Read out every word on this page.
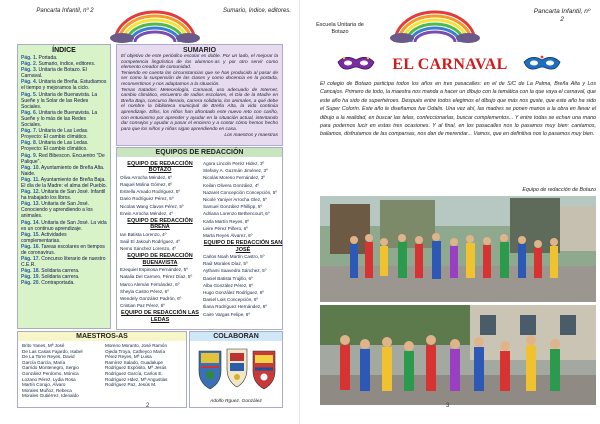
Pancarta Infantil, nº 2	Sumario, índice, editores.
ÍNDICE
Pág. 1. Portada.
Pág. 2. Sumario, índice, editores.
Pág. 3. Unitaria de Botazo. El Carnaval.
Pág. 4. Unitaria de Breña. Estudiamos el tiempo y mejoramos la ciclo.
Pág. 5. Unitaria de Buenavista. La Sueñe y la Solar de las Redes Sociales.
Pág. 6. Unitaria de Buenavista. La Sueñe y lo más de las Redes Sociales.
Pág. 7. Unitaria de Las Ledas. Proyecto: El cambio climático.
Pág. 8. Unitaria de Las Ledas. Proyecto: El cambio climático.
Pág. 9. Red Bibescon. Encuentro "De Palique".
Pág. 10. Ayuntamiento de Breña Alta. Naide.
Pág. 11. Ayuntamiento de Breña Baja. El día de la Madre: el alma del Pueblo.
Pág. 12. Unitaria de San José. Infantil ha trabajado los libros.
Pág. 13. Unitaria de San José. Conociendo y aprendiendo a los animales.
Pág. 14. Unitaria de San José. La vida es un continuo aprendizaje.
Pág. 15. Actividades complementarias.
Pág. 16. Tareas escolares en tiempos de coronavirus.
Pág. 17. Concurso literario de nuestro C.E.R.
Pág. 18. Solidaria carrera.
Pág. 19. Solidaria carrera.
Pág. 20. Contraportada.
SUMARIO

El objetivo de este periódico escolar es doble. Por un lado, el mejorar la competencia lingüística de los alumnos-as y por otro servir como elemento creador de comunidad.

Teniendo en cuenta las circunstancias que se han producido al pasar de ser como la suspensión de las clases y como docencia en la portada, reconvertimos y nos adaptamos a la situación.

Temas tratados: Meteorología, Carnaval, uso adecuado de Internet, cambio climático, encuentro de radios escolares, el Día de la Madre en Breña Baja, concurso literario, carrera solidaria, los animales, a qué debe el nombre la biblioteca municipal de Breña Alta, la vida continúa aprendizaje. Ellos, los niños han afrontado este nuevo reto con cariño, con entusiasmo por aprender y ayudar en la situación actual, intentando dar consejos y ayudar a pasar el encierro y a contar cómo hemos hecho para que los niños y niñas sigan aprendiendo en casa.

Los maestros y maestras
EQUIPOS DE REDACCIÓN
EQUIPO DE REDACCIÓN BOTAZO
Oliva Arrocha Méndez, 6º
Raquel Molina Gómez, 6º
Estrella Amado Rodríguez, 5º
Dario Rodríguez Pérez, 5º
Nicolas Wang Clavos Pérez, 5º
Erwin Arrocha Méndez, 4º
EQUIPO DE REDACCIÓN BREÑA
Ian Batista Lorenzo, 4º
Saúl El Jakouh Rodríguez, 4º
Nemo Sánchez Lorenzo, 4º
EQUIPO DE REDACCIÓN BUENAVISTA
Ezequiel Espinosa Fernández, 5º
Natalia Del Carmen, Pérez Díaz, 5º
Marco Alemán Fernández, 6º
Sheyla Castro Pérez, 6º
Wendely González Padrón, 6º
Cristian Paz Pérez, 6º
EQUIPO DE REDACCIÓN LAS LEDAS
Agora Lincoln Peréz Hidez, 3º
Stefany A. Guzmán Jiménez, 3º
Nicolás Moreno Fernández, 3º
Keilan Olivera González, 4º
Nazaret Concepción Concepción, 5º
Nicolé Yaniyer Arrocha Glez, 5º
Samuel González Phillipp, 5º
Adriana Lorenzo Bethencourt, 6º
Karla Martín Reyes, 6º
Leire Pérez Piñero, 6º
Marta Reyes Álvarez, 6º
EQUIPO DE REDACCIÓN SAN JOSÉ
Carlos Noah Martín Castro, 5º
Raúl Morales Díaz, 5º
Aythami Saavedra Sánchez, 5º
Daniel Batista Trujillo, 6º
Alba González Pérez, 6º
Hugo González Rodríguez, 6º
Daniel Lois Concepción, 6º
Iliana Rodríguez Hernández, 6º
Caire Vargas Felipe, 6º
MAESTROS-AS
Brito Yanes, Mª José
De Las Casas Fajardo, Isabel
De La Torre Reyes, David
García García, María
Garrido Montenegro, Sergio
González Perdomo, Mónica
Lozano Pérez, Lydia Rosa
Martín Corujo, Álvaro
Morales Muñoz, Rebeca
Morales Gutiérrez, Idenaldo
Moreno Moranto, José Ramón
Ojeda Troya, Catheyco María
Pérez Reyes, Mª Luisa
Ramírez Salado, Guadalupe
Rodríguez Expósito, Mª Jesús
Rodríguez García, Carlos E.
Rodríguez Hdez, Mª Angustias
Rodríguez Paz, Jesús M.
COLABORAN
Adolfo Rguez. González
2
Escuela Unitaria de Botazo
Pancarta Infantil, nº 2
EL CARNAVAL
El colegio de Botazo participa todos los años en tres pasacalles: en el de S/C de La Palma, Breña Alta y Los Cancajos. Primero de todo, la maestra nos manda a hacer un dibujo con la temática con la que vaya el carnaval, que este año ha sido de superhéroes. Después entre todos elegimos el dibujo que más nos guste, que este año ha sido el Super Colorín. Este año le diseñamos fue Odalis. Una vez ahí, las madres se ponen manos a la obra en llevar el dibujo a la realidad, en buscar las telas, confeccionarlas, buscar complementos... Y entre todas se echan una mano para podernos lucir en estas tres ocasiones. Y al final, en los pasacalles nos lo pasamos muy bien: cantamos, bailamos, disfrutamos de las comparsas, nos dan de merendar... Vamos, que en definitiva nos lo pasamos muy bien.
Equipo de redacción de Botazo
3
